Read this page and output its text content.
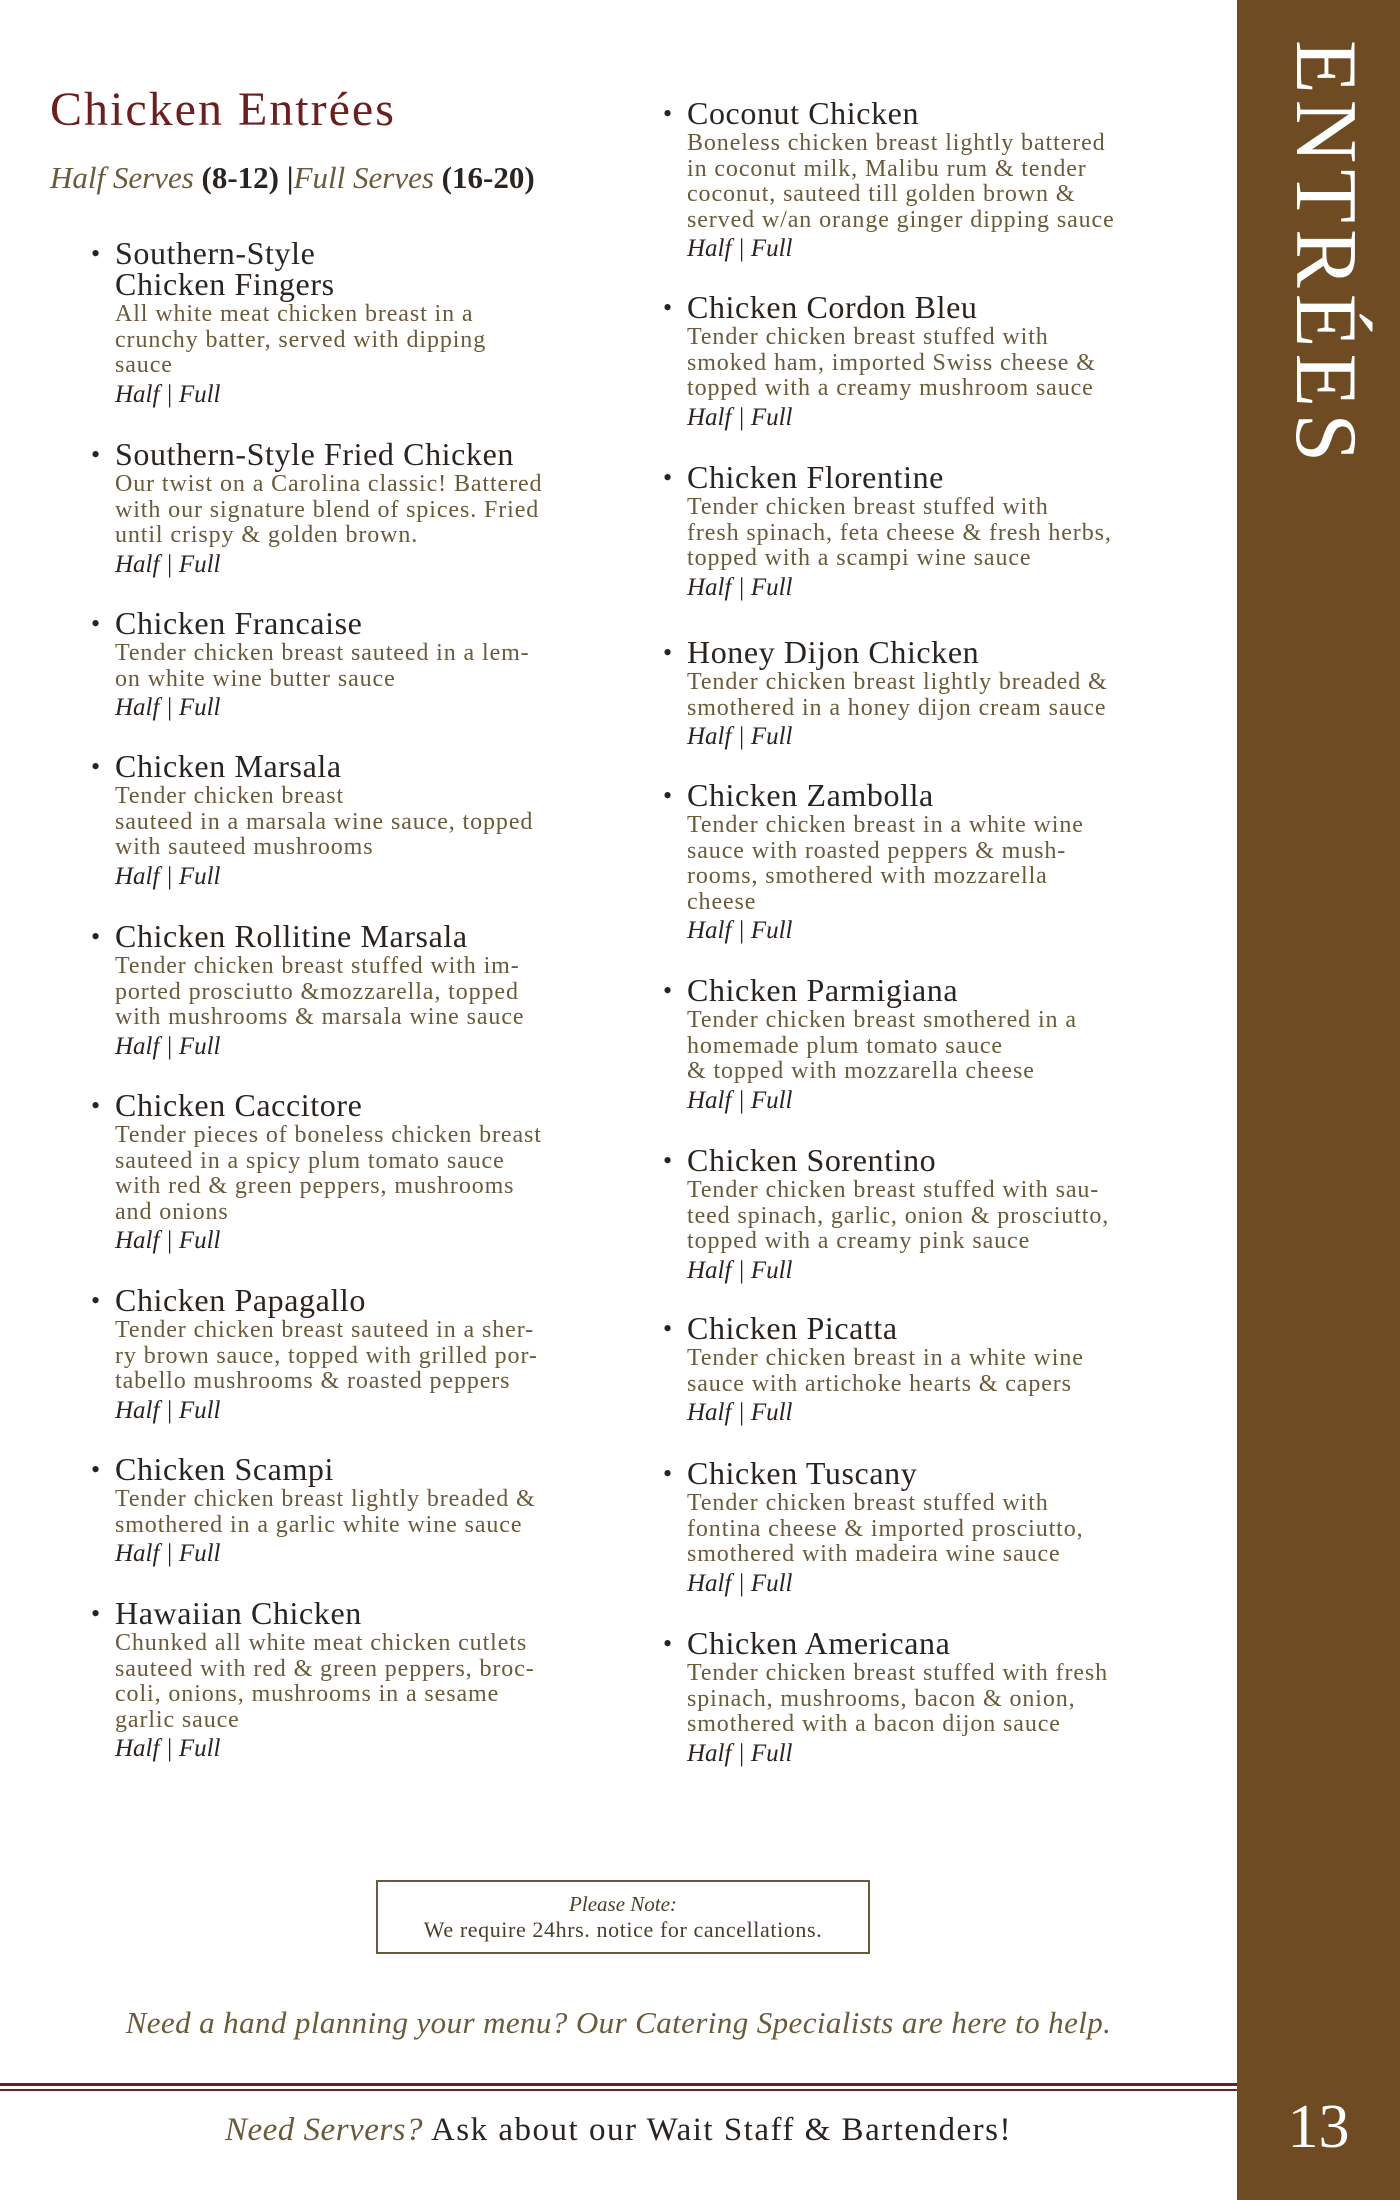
ENTRÉES
13
Chicken Entrées
Half Serves (8-12) |Full Serves (16-20)
• Southern-Style
Chicken Fingers
All white meat chicken breast in a
crunchy batter, served with dipping
sauce
Half | Full
• Southern-Style Fried Chicken
Our twist on a Carolina classic! Battered
with our signature blend of spices. Fried
until crispy & golden brown.
Half | Full
• Chicken Francaise
Tender chicken breast sauteed in a lem-
on white wine butter sauce
Half | Full
• Chicken Marsala
Tender chicken breast
sauteed in a marsala wine sauce, topped
with sauteed mushrooms
Half | Full
• Chicken Rollitine Marsala
Tender chicken breast stuffed with im-
ported prosciutto &mozzarella, topped
with mushrooms & marsala wine sauce
Half | Full
• Chicken Caccitore
Tender pieces of boneless chicken breast
sauteed in a spicy plum tomato sauce
with red & green peppers, mushrooms
and onions
Half | Full
• Chicken Papagallo
Tender chicken breast sauteed in a sher-
ry brown sauce, topped with grilled por-
tabello mushrooms & roasted peppers
Half | Full
• Chicken Scampi
Tender chicken breast lightly breaded &
smothered in a garlic white wine sauce
Half | Full
• Hawaiian Chicken
Chunked all white meat chicken cutlets
sauteed with red & green peppers, broc-
coli, onions, mushrooms in a sesame
garlic sauce
Half | Full
• Coconut Chicken
Boneless chicken breast lightly battered
in coconut milk, Malibu rum & tender
coconut, sauteed till golden brown &
served w/an orange ginger dipping sauce
Half | Full
• Chicken Cordon Bleu
Tender chicken breast stuffed with
smoked ham, imported Swiss cheese &
topped with a creamy mushroom sauce
Half | Full
• Chicken Florentine
Tender chicken breast stuffed with
fresh spinach, feta cheese & fresh herbs,
topped with a scampi wine sauce
Half | Full
• Honey Dijon Chicken
Tender chicken breast lightly breaded &
smothered in a honey dijon cream sauce
Half | Full
• Chicken Zambolla
Tender chicken breast in a white wine
sauce with roasted peppers & mush-
rooms, smothered with mozzarella
cheese
Half | Full
• Chicken Parmigiana
Tender chicken breast smothered in a
homemade plum tomato sauce
& topped with mozzarella cheese
Half | Full
• Chicken Sorentino
Tender chicken breast stuffed with sau-
teed spinach, garlic, onion & prosciutto,
topped with a creamy pink sauce
Half | Full
• Chicken Picatta
Tender chicken breast in a white wine
sauce with artichoke hearts & capers
Half | Full
• Chicken Tuscany
Tender chicken breast stuffed with
fontina cheese & imported prosciutto,
smothered with madeira wine sauce
Half | Full
• Chicken Americana
Tender chicken breast stuffed with fresh
spinach, mushrooms, bacon & onion,
smothered with a bacon dijon sauce
Half | Full
Please Note:
We require 24hrs. notice for cancellations.
Need a hand planning your menu? Our Catering Specialists are here to help.
Need Servers? Ask about our Wait Staff & Bartenders!
